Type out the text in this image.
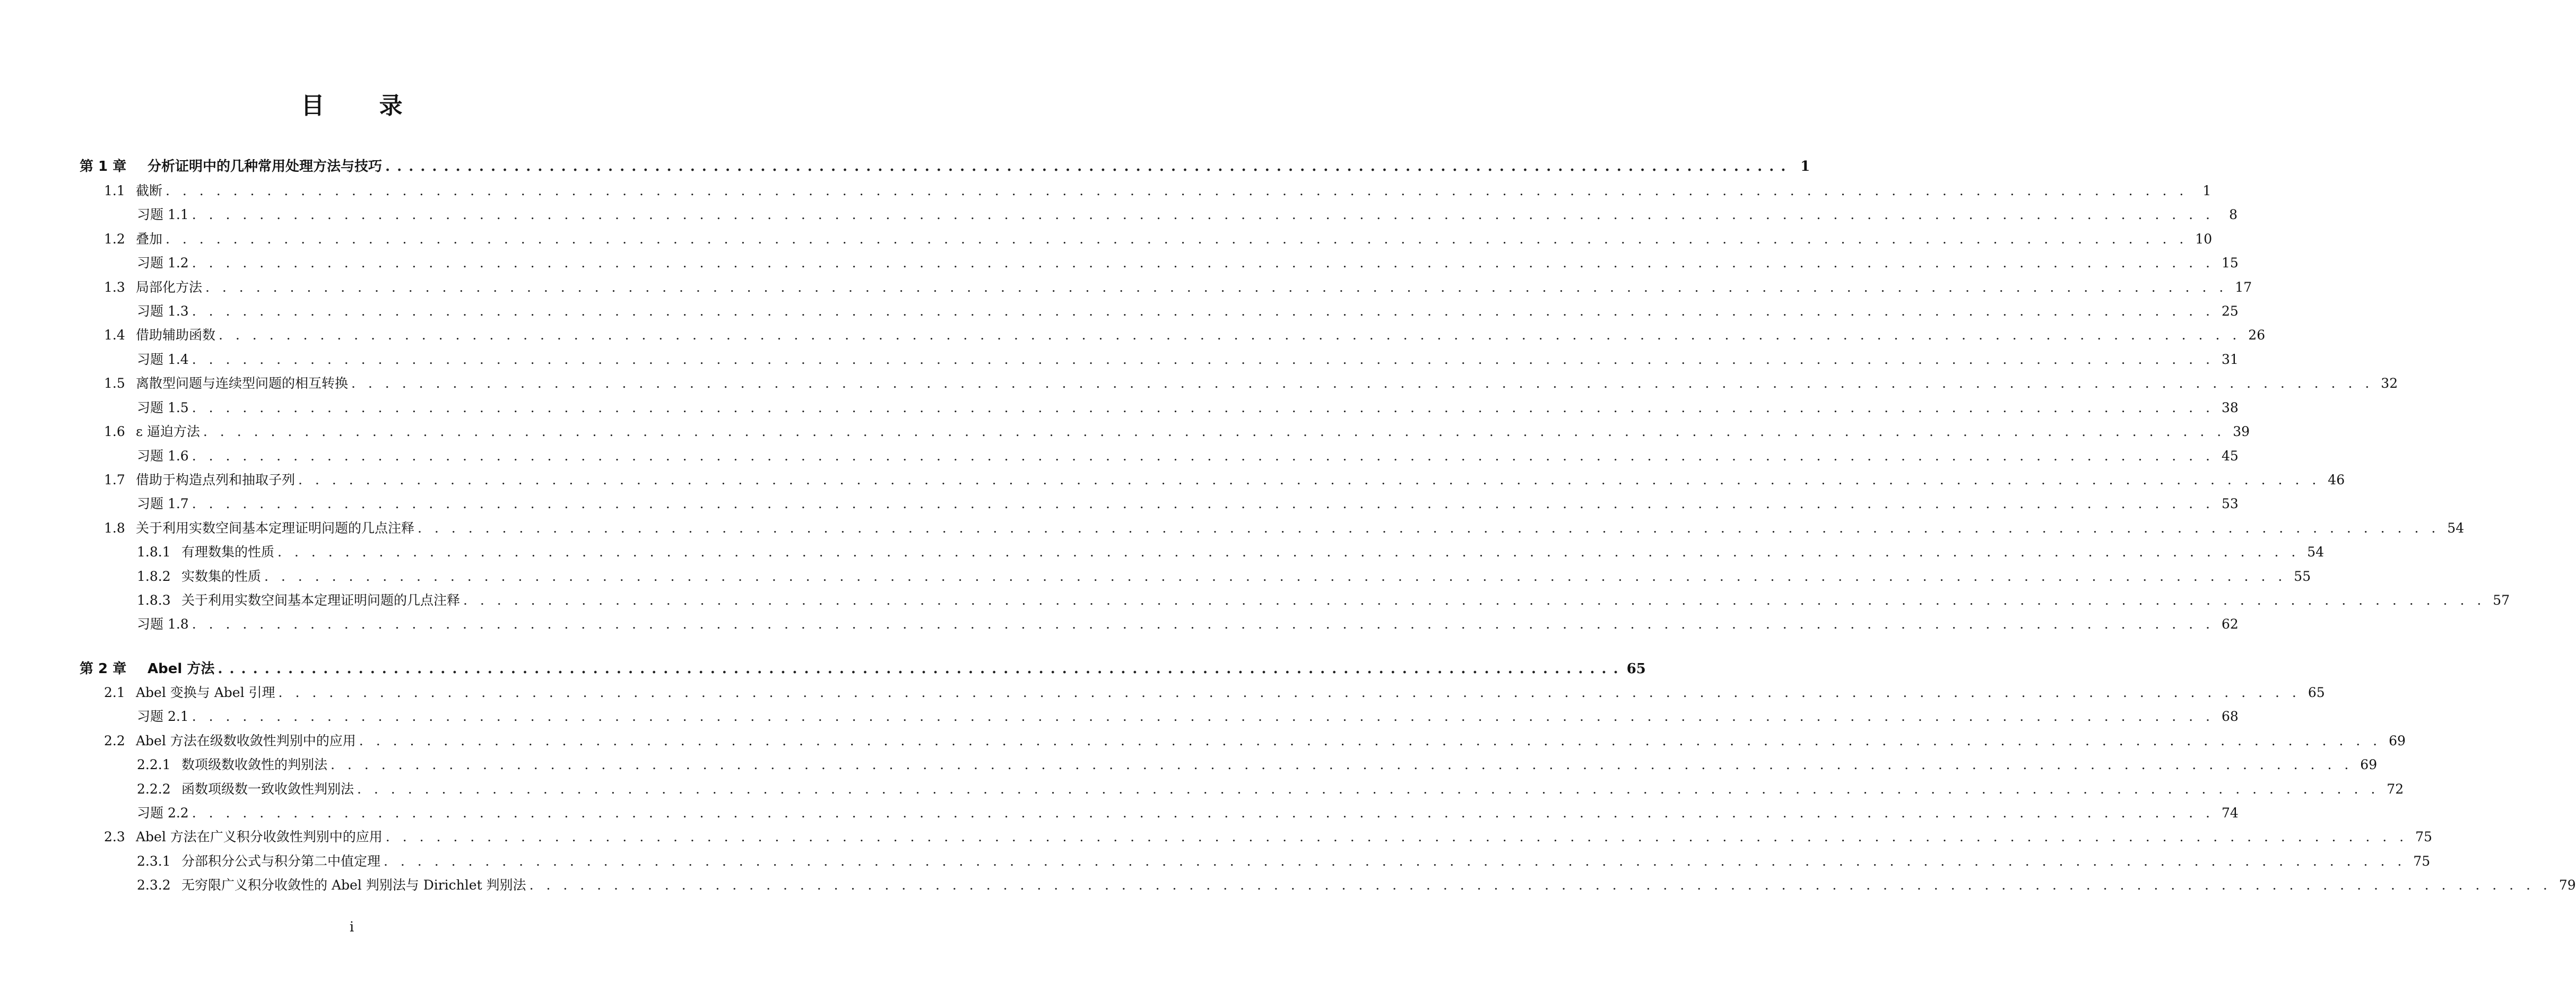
目 录
第 1 章	分析证明中的几种常用处理方法与技巧 . . . . . . . . . . . . . . . . . . . . . . . . . . . . . . . . . . . . . . . . . . . . . . . . . . . . . . . . . . . . . . . . . . . . . . . . . . . . . . . . . . . . . . . . . . . . . . . . . . . . . . . . . . . . . . . . . . . . . . . . 1
1.1 截断 . . . . . . . . . . . . . . . . . . . . . . . . . . . . . . . . . . . . . . . . . . . . . . . . . . . . . . . . . . . . . . . . . . . . . . . . . . . . . . . . . . . . . . . . . . . . . . . . . . . . . . . . . . . . . . . . . . . . . . . .	1
习题 1.1 . . . . . . . . . . . . . . . . . . . . . . . . . . . . . . . . . . . . . . . . . . . . . . . . . . . . . . . . . . . . . . . . . . . . . . . . . . . . . . . . . . . . . . . . . . . . . . . . . . . . . . . . . . . . . . . . . . . . . . . .	8
1.2 叠加 . . . . . . . . . . . . . . . . . . . . . . . . . . . . . . . . . . . . . . . . . . . . . . . . . . . . . . . . . . . . . . . . . . . . . . . . . . . . . . . . . . . . . . . . . . . . . . . . . . . . . . . . . . . . . . . . . . . . . . . . 10
习题 1.2 . . . . . . . . . . . . . . . . . . . . . . . . . . . . . . . . . . . . . . . . . . . . . . . . . . . . . . . . . . . . . . . . . . . . . . . . . . . . . . . . . . . . . . . . . . . . . . . . . . . . . . . . . . . . . . . . . . . . . . . . 15
1.3 局部化方法 . . . . . . . . . . . . . . . . . . . . . . . . . . . . . . . . . . . . . . . . . . . . . . . . . . . . . . . . . . . . . . . . . . . . . . . . . . . . . . . . . . . . . . . . . . . . . . . . . . . . . . . . . . . . . . . . . . . . . . . . 17
习题 1.3 . . . . . . . . . . . . . . . . . . . . . . . . . . . . . . . . . . . . . . . . . . . . . . . . . . . . . . . . . . . . . . . . . . . . . . . . . . . . . . . . . . . . . . . . . . . . . . . . . . . . . . . . . . . . . . . . . . . . . . . . 25
1.4 借助辅助函数 . . . . . . . . . . . . . . . . . . . . . . . . . . . . . . . . . . . . . . . . . . . . . . . . . . . . . . . . . . . . . . . . . . . . . . . . . . . . . . . . . . . . . . . . . . . . . . . . . . . . . . . . . . . . . . . . . . . . . . . . 26
习题 1.4 . . . . . . . . . . . . . . . . . . . . . . . . . . . . . . . . . . . . . . . . . . . . . . . . . . . . . . . . . . . . . . . . . . . . . . . . . . . . . . . . . . . . . . . . . . . . . . . . . . . . . . . . . . . . . . . . . . . . . . . . 31
1.5 离散型问题与连续型问题的相互转换 . . . . . . . . . . . . . . . . . . . . . . . . . . . . . . . . . . . . . . . . . . . . . . . . . . . . . . . . . . . . . . . . . . . . . . . . . . . . . . . . . . . . . . . . . . . . . . . . . . . . . . . . . . . . . . . . . . . . . . . . 32
习题 1.5 . . . . . . . . . . . . . . . . . . . . . . . . . . . . . . . . . . . . . . . . . . . . . . . . . . . . . . . . . . . . . . . . . . . . . . . . . . . . . . . . . . . . . . . . . . . . . . . . . . . . . . . . . . . . . . . . . . . . . . . . 38
1.6 ε 逼迫方法 . . . . . . . . . . . . . . . . . . . . . . . . . . . . . . . . . . . . . . . . . . . . . . . . . . . . . . . . . . . . . . . . . . . . . . . . . . . . . . . . . . . . . . . . . . . . . . . . . . . . . . . . . . . . . . . . . . . . . . . . 39
习题 1.6 . . . . . . . . . . . . . . . . . . . . . . . . . . . . . . . . . . . . . . . . . . . . . . . . . . . . . . . . . . . . . . . . . . . . . . . . . . . . . . . . . . . . . . . . . . . . . . . . . . . . . . . . . . . . . . . . . . . . . . . . 45
1.7 借助于构造点列和抽取子列 . . . . . . . . . . . . . . . . . . . . . . . . . . . . . . . . . . . . . . . . . . . . . . . . . . . . . . . . . . . . . . . . . . . . . . . . . . . . . . . . . . . . . . . . . . . . . . . . . . . . . . . . . . . . . . . . . . . . . . . . 46
习题 1.7 . . . . . . . . . . . . . . . . . . . . . . . . . . . . . . . . . . . . . . . . . . . . . . . . . . . . . . . . . . . . . . . . . . . . . . . . . . . . . . . . . . . . . . . . . . . . . . . . . . . . . . . . . . . . . . . . . . . . . . . . 53
1.8 关于利用实数空间基本定理证明问题的几点注释 . . . . . . . . . . . . . . . . . . . . . . . . . . . . . . . . . . . . . . . . . . . . . . . . . . . . . . . . . . . . . . . . . . . . . . . . . . . . . . . . . . . . . . . . . . . . . . . . . . . . . . . . . . . . . . . . . . . . . . . . 54
1.8.1 有理数集的性质 . . . . . . . . . . . . . . . . . . . . . . . . . . . . . . . . . . . . . . . . . . . . . . . . . . . . . . . . . . . . . . . . . . . . . . . . . . . . . . . . . . . . . . . . . . . . . . . . . . . . . . . . . . . . . . . . . . . . . . . . 54
1.8.2 实数集的性质 . . . . . . . . . . . . . . . . . . . . . . . . . . . . . . . . . . . . . . . . . . . . . . . . . . . . . . . . . . . . . . . . . . . . . . . . . . . . . . . . . . . . . . . . . . . . . . . . . . . . . . . . . . . . . . . . . . . . . . . . 55
1.8.3 关于利用实数空间基本定理证明问题的几点注释 . . . . . . . . . . . . . . . . . . . . . . . . . . . . . . . . . . . . . . . . . . . . . . . . . . . . . . . . . . . . . . . . . . . . . . . . . . . . . . . . . . . . . . . . . . . . . . . . . . . . . . . . . . . . . . . . . . . . . . . . 57
习题 1.8 . . . . . . . . . . . . . . . . . . . . . . . . . . . . . . . . . . . . . . . . . . . . . . . . . . . . . . . . . . . . . . . . . . . . . . . . . . . . . . . . . . . . . . . . . . . . . . . . . . . . . . . . . . . . . . . . . . . . . . . . 62
第 2 章	Abel 方法 . . . . . . . . . . . . . . . . . . . . . . . . . . . . . . . . . . . . . . . . . . . . . . . . . . . . . . . . . . . . . . . . . . . . . . . . . . . . . . . . . . . . . . . . . . . . . . . . . . . . . . . . . . . . . . . . . . . . . . . . 65
2.1 Abel 变换与 Abel 引理 . . . . . . . . . . . . . . . . . . . . . . . . . . . . . . . . . . . . . . . . . . . . . . . . . . . . . . . . . . . . . . . . . . . . . . . . . . . . . . . . . . . . . . . . . . . . . . . . . . . . . . . . . . . . . . . . . . . . . . . . 65
习题 2.1 . . . . . . . . . . . . . . . . . . . . . . . . . . . . . . . . . . . . . . . . . . . . . . . . . . . . . . . . . . . . . . . . . . . . . . . . . . . . . . . . . . . . . . . . . . . . . . . . . . . . . . . . . . . . . . . . . . . . . . . . 68
2.2 Abel 方法在级数收敛性判别中的应用 . . . . . . . . . . . . . . . . . . . . . . . . . . . . . . . . . . . . . . . . . . . . . . . . . . . . . . . . . . . . . . . . . . . . . . . . . . . . . . . . . . . . . . . . . . . . . . . . . . . . . . . . . . . . . . . . . . . . . . . . 69
2.2.1 数项级数收敛性的判别法 . . . . . . . . . . . . . . . . . . . . . . . . . . . . . . . . . . . . . . . . . . . . . . . . . . . . . . . . . . . . . . . . . . . . . . . . . . . . . . . . . . . . . . . . . . . . . . . . . . . . . . . . . . . . . . . . . . . . . . . . 69
2.2.2 函数项级数一致收敛性判别法 . . . . . . . . . . . . . . . . . . . . . . . . . . . . . . . . . . . . . . . . . . . . . . . . . . . . . . . . . . . . . . . . . . . . . . . . . . . . . . . . . . . . . . . . . . . . . . . . . . . . . . . . . . . . . . . . . . . . . . . . 72
习题 2.2 . . . . . . . . . . . . . . . . . . . . . . . . . . . . . . . . . . . . . . . . . . . . . . . . . . . . . . . . . . . . . . . . . . . . . . . . . . . . . . . . . . . . . . . . . . . . . . . . . . . . . . . . . . . . . . . . . . . . . . . . 74
2.3 Abel 方法在广义积分收敛性判别中的应用 . . . . . . . . . . . . . . . . . . . . . . . . . . . . . . . . . . . . . . . . . . . . . . . . . . . . . . . . . . . . . . . . . . . . . . . . . . . . . . . . . . . . . . . . . . . . . . . . . . . . . . . . . . . . . . . . . . . . . . . . 75
2.3.1 分部积分公式与积分第二中值定理 . . . . . . . . . . . . . . . . . . . . . . . . . . . . . . . . . . . . . . . . . . . . . . . . . . . . . . . . . . . . . . . . . . . . . . . . . . . . . . . . . . . . . . . . . . . . . . . . . . . . . . . . . . . . . . . . . . . . . . . . 75
2.3.2 无穷限广义积分收敛性的 Abel 判别法与 Dirichlet 判别法 . . . . . . . . . . . . . . . . . . . . . . . . . . . . . . . . . . . . . . . . . . . . . . . . . . . . . . . . . . . . . . . . . . . . . . . . . . . . . . . . . . . . . . . . . . . . . . . . . . . . . . . . . . . . . . . . . . . . . . . . 79
i
